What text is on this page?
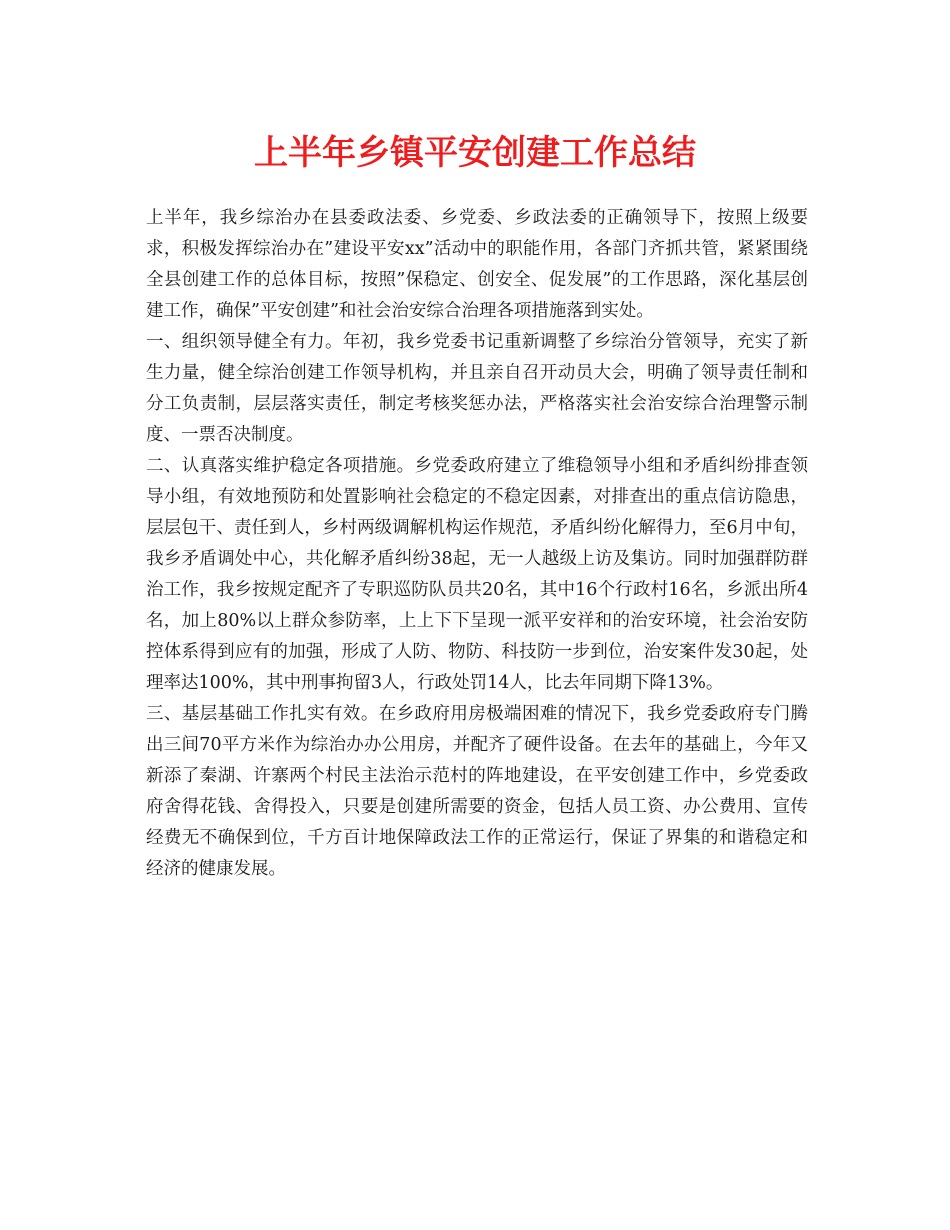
上半年乡镇平安创建工作总结

上半年，我乡综治办在县委政法委、乡党委、乡政法委的正确领导下，按照上级要求，积极发挥综治办在”建设平安xx”活动中的职能作用，各部门齐抓共管，紧紧围绕全县创建工作的总体目标，按照”保稳定、创安全、促发展”的工作思路，深化基层创建工作，确保”平安创建”和社会治安综合治理各项措施落到实处。

一、组织领导健全有力。年初，我乡党委书记重新调整了乡综治分管领导，充实了新生力量，健全综治创建工作领导机构，并且亲自召开动员大会，明确了领导责任制和分工负责制，层层落实责任，制定考核奖惩办法，严格落实社会治安综合治理警示制度、一票否决制度。

二、认真落实维护稳定各项措施。乡党委政府建立了维稳领导小组和矛盾纠纷排查领导小组，有效地预防和处置影响社会稳定的不稳定因素，对排查出的重点信访隐患，层层包干、责任到人，乡村两级调解机构运作规范，矛盾纠纷化解得力，至6月中旬，我乡矛盾调处中心，共化解矛盾纠纷38起，无一人越级上访及集访。同时加强群防群治工作，我乡按规定配齐了专职巡防队员共20名，其中16个行政村16名，乡派出所4名，加上80%以上群众参防率，上上下下呈现一派平安祥和的治安环境，社会治安防控体系得到应有的加强，形成了人防、物防、科技防一步到位，治安案件发30起，处理率达100%，其中刑事拘留3人，行政处罚14人，比去年同期下降13%。

三、基层基础工作扎实有效。在乡政府用房极端困难的情况下，我乡党委政府专门腾出三间70平方米作为综治办办公用房，并配齐了硬件设备。在去年的基础上，今年又新添了秦湖、许寨两个村民主法治示范村的阵地建设，在平安创建工作中，乡党委政府舍得花钱、舍得投入，只要是创建所需要的资金，包括人员工资、办公费用、宣传经费无不确保到位，千方百计地保障政法工作的正常运行，保证了界集的和谐稳定和经济的健康发展。
